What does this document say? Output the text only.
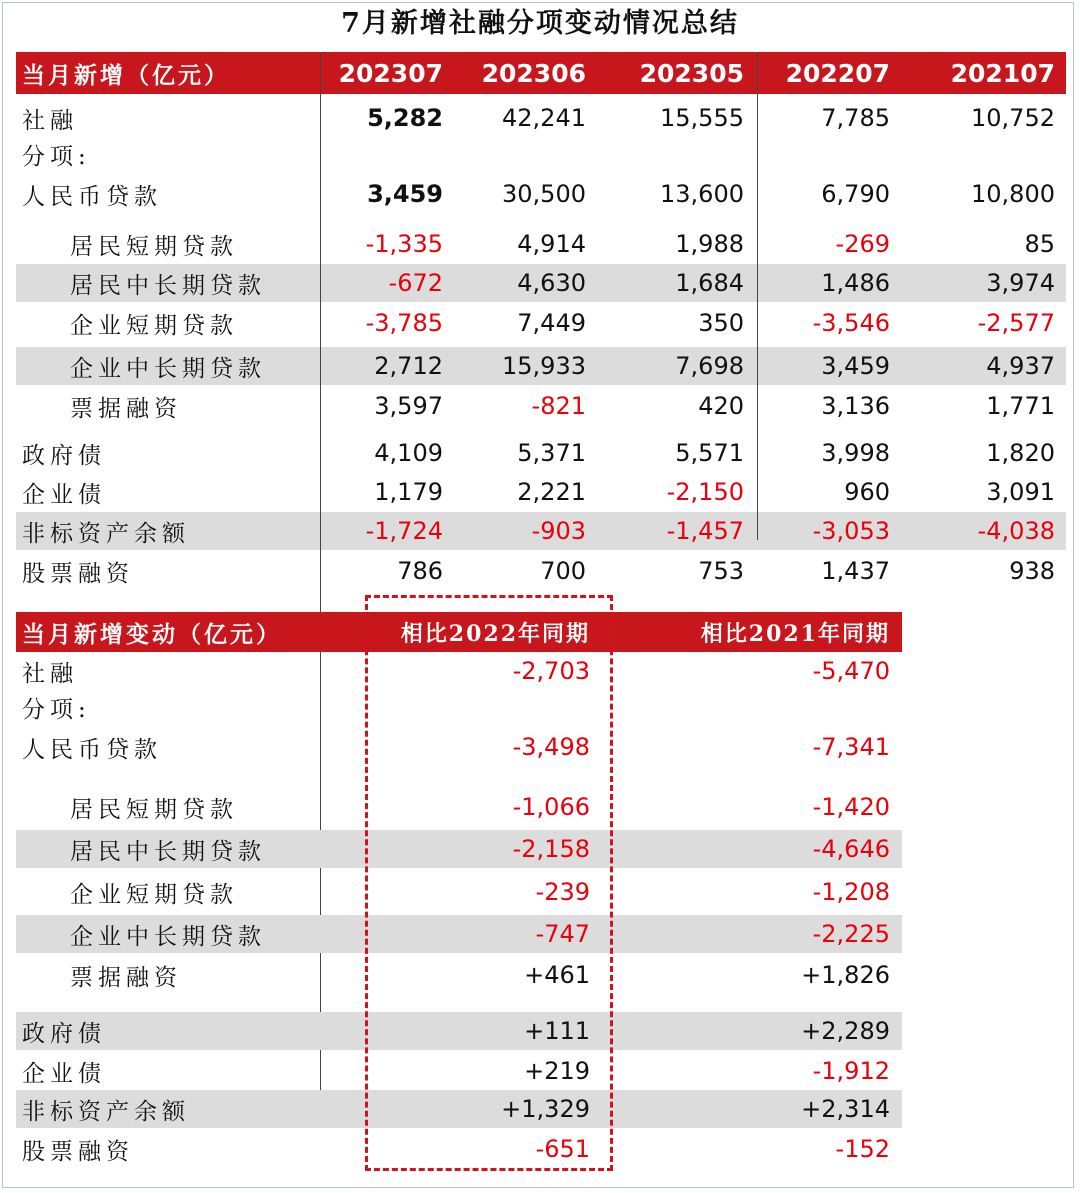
7月新增社融分项变动情况总结
当月新增（亿元）	202307	202306	202305	202207	202107
社融	5,282	42,241	15,555	7,785	10,752
分项:
人民币贷款	3,459	30,500	13,600	6,790	10,800
居民短期贷款	-1,335	4,914	1,988	-269	85
居民中长期贷款	-672	4,630	1,684	1,486	3,974
企业短期贷款	-3,785	7,449	350	-3,546	-2,577
企业中长期贷款	2,712	15,933	7,698	3,459	4,937
票据融资	3,597	-821	420	3,136	1,771
政府债	4,109	5,371	5,571	3,998	1,820
企业债	1,179	2,221	-2,150	960	3,091
非标资产余额	-1,724	-903	-1,457	-3,053	-4,038
股票融资	786	700	753	1,437	938
当月新增变动（亿元）	相比2022年同期	相比2021年同期
社融	-2,703	-5,470
分项:
人民币贷款	-3,498	-7,341
居民短期贷款	-1,066	-1,420
居民中长期贷款	-2,158	-4,646
企业短期贷款	-239	-1,208
企业中长期贷款	-747	-2,225
票据融资	+461	+1,826
政府债	+111	+2,289
企业债	+219	-1,912
非标资产余额	+1,329	+2,314
股票融资	-651	-152
